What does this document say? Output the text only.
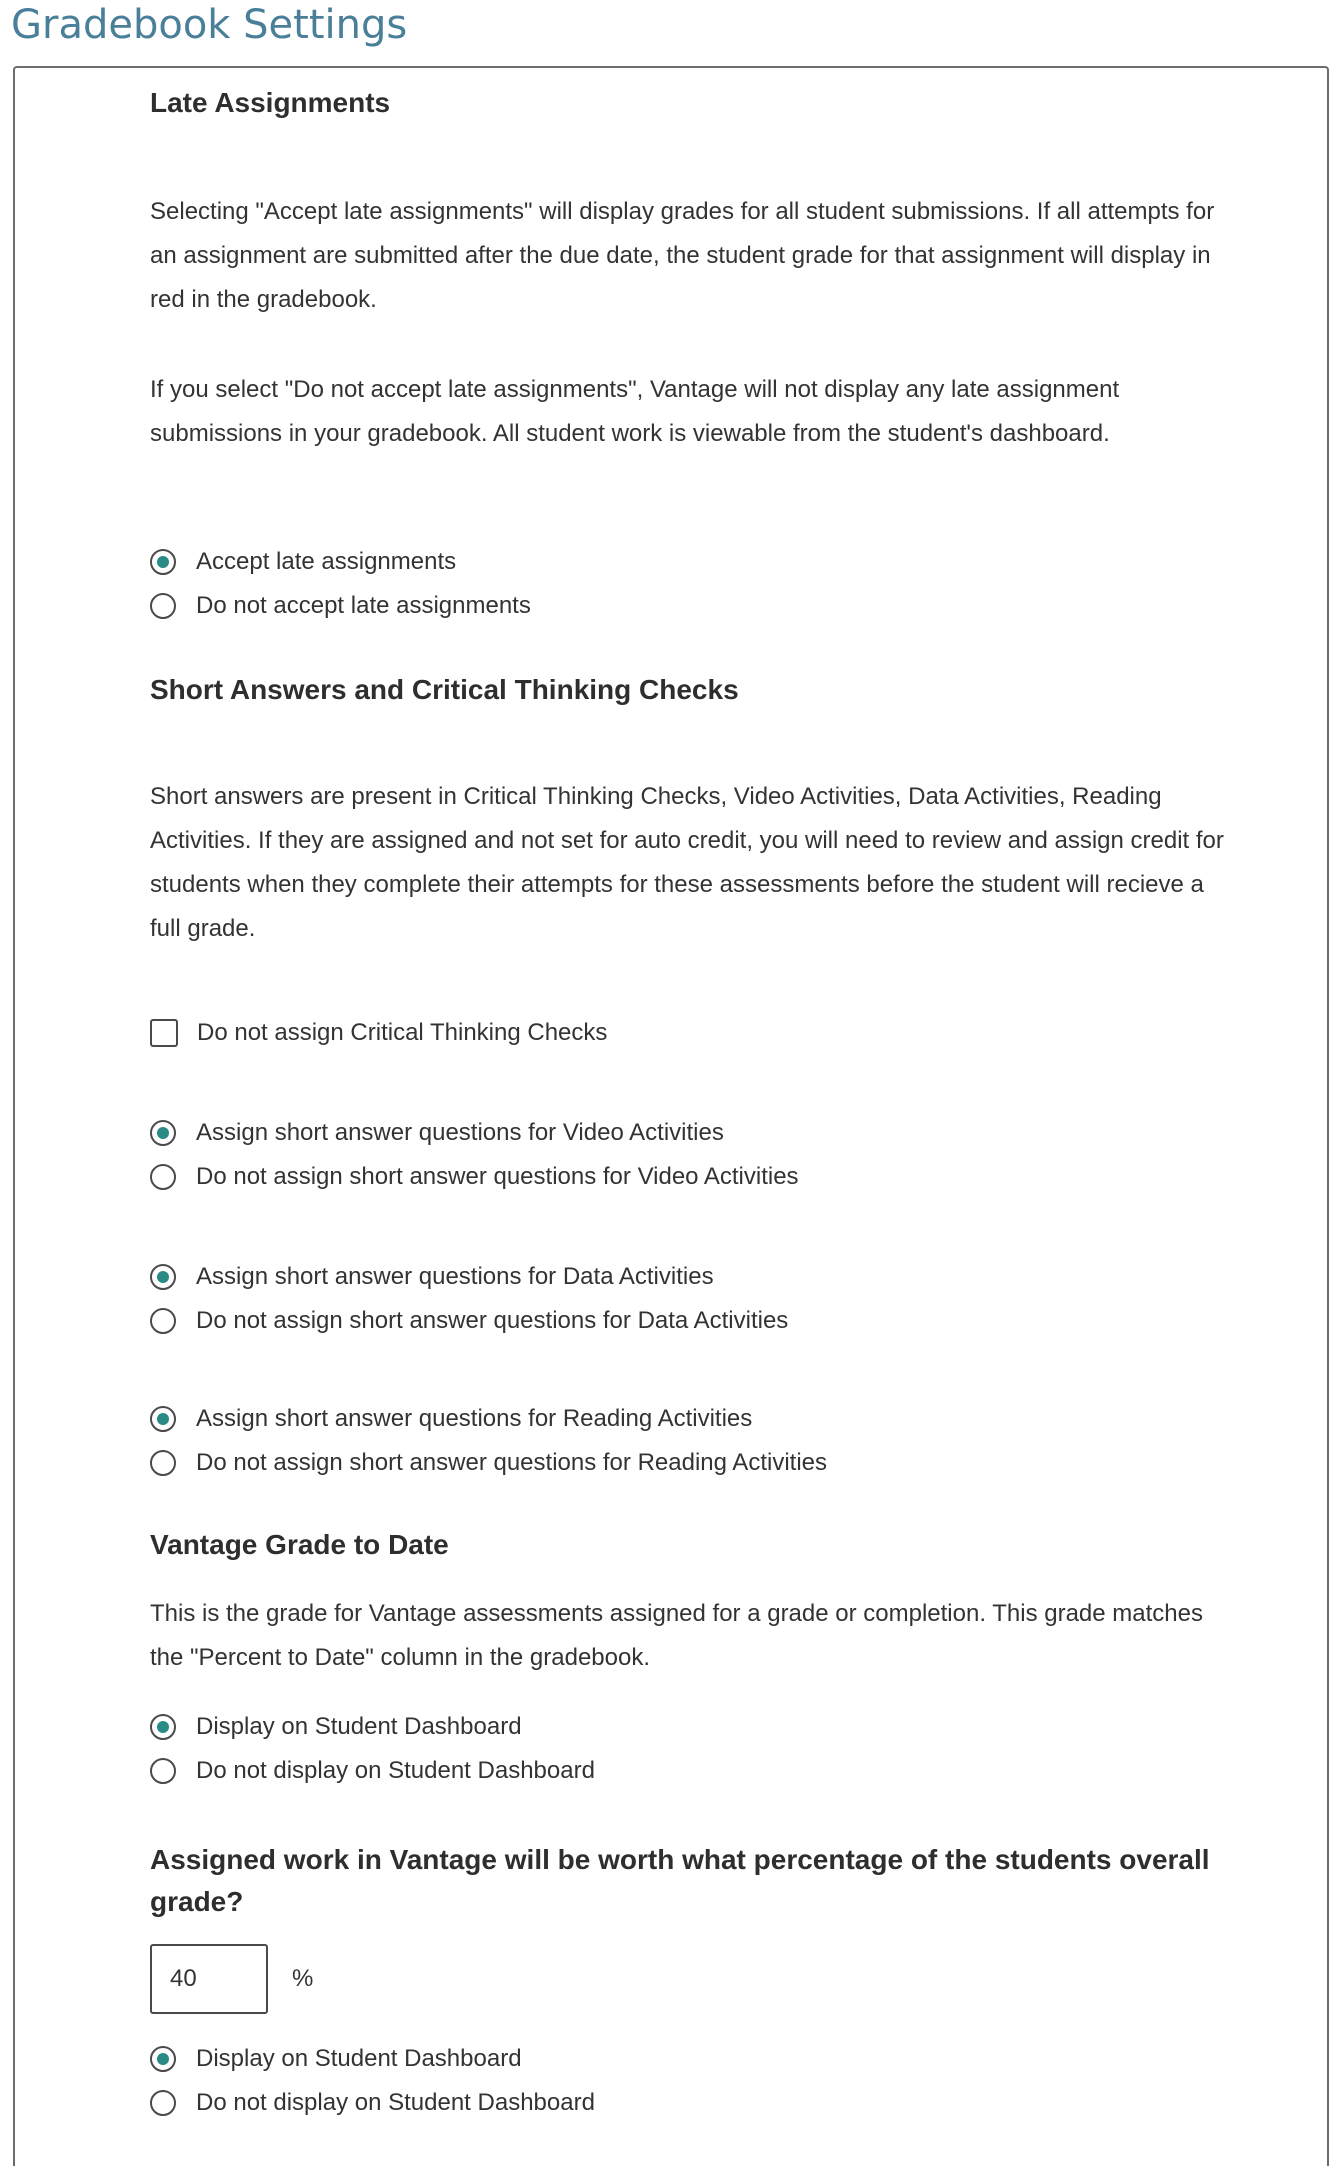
Gradebook Settings
Late Assignments

Selecting "Accept late assignments" will display grades for all student submissions. If all attempts for an assignment are submitted after the due date, the student grade for that assignment will display in red in the gradebook.

If you select "Do not accept late assignments", Vantage will not display any late assignment submissions in your gradebook. All student work is viewable from the student's dashboard.

Accept late assignments
Do not accept late assignments
Short Answers and Critical Thinking Checks

Short answers are present in Critical Thinking Checks, Video Activities, Data Activities, Reading Activities. If they are assigned and not set for auto credit, you will need to review and assign credit for students when they complete their attempts for these assessments before the student will recieve a full grade.

Do not assign Critical Thinking Checks
Assign short answer questions for Video Activities
Do not assign short answer questions for Video Activities
Assign short answer questions for Data Activities
Do not assign short answer questions for Data Activities
Assign short answer questions for Reading Activities
Do not assign short answer questions for Reading Activities
Vantage Grade to Date

This is the grade for Vantage assessments assigned for a grade or completion. This grade matches the "Percent to Date" column in the gradebook.

Display on Student Dashboard
Do not display on Student Dashboard
Assigned work in Vantage will be worth what percentage of the students overall grade?
40
%
Display on Student Dashboard
Do not display on Student Dashboard
